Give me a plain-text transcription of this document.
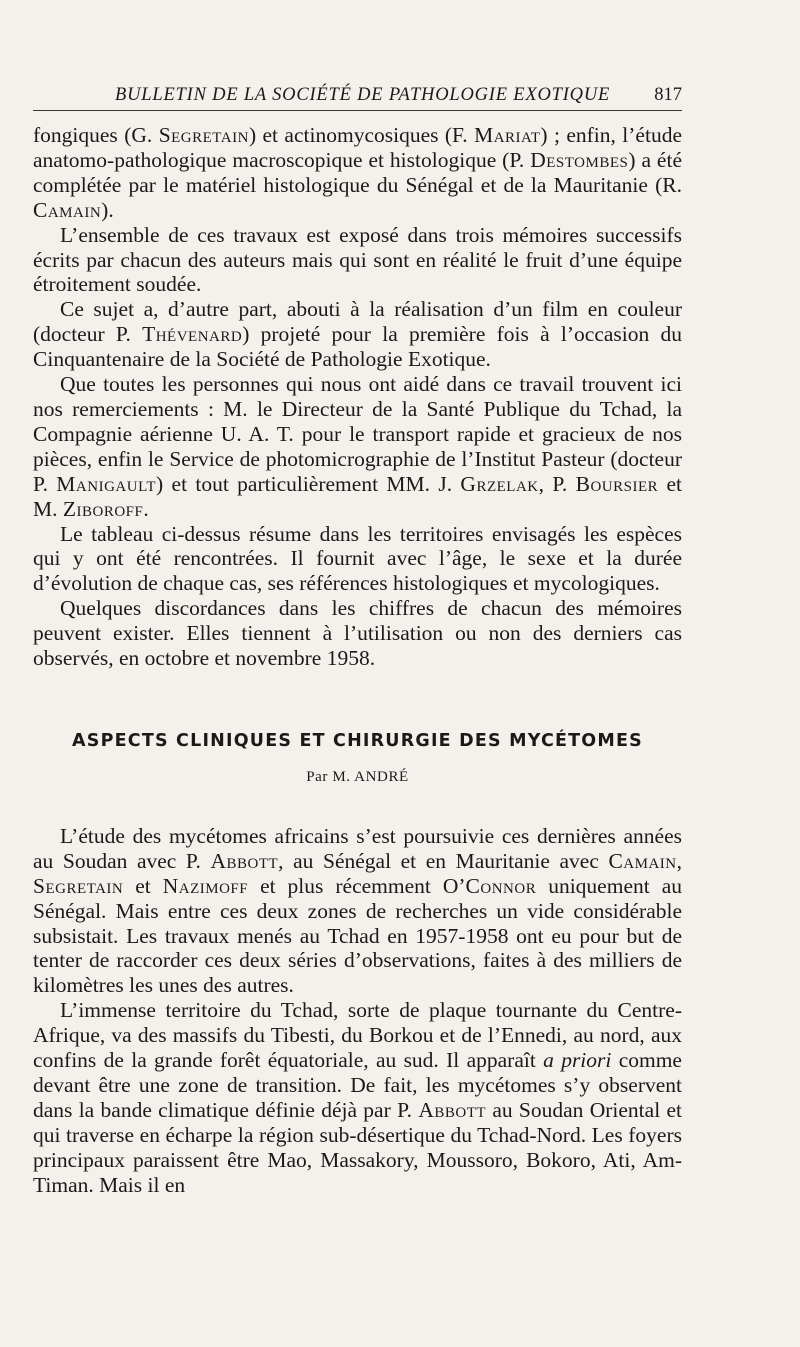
BULLETIN DE LA SOCIÉTÉ DE PATHOLOGIE EXOTIQUE 817

fongiques (G. Segretain) et actinomycosiques (F. Mariat) ; enfin, l’étude anatomo-pathologique macroscopique et histologique (P. Destombes) a été complétée par le matériel histologique du Sénégal et de la Mauritanie (R. Camain).

L’ensemble de ces travaux est exposé dans trois mémoires successifs écrits par chacun des auteurs mais qui sont en réalité le fruit d’une équipe étroitement soudée.

Ce sujet a, d’autre part, abouti à la réalisation d’un film en couleur (docteur P. Thévenard) projeté pour la première fois à l’occasion du Cinquantenaire de la Société de Pathologie Exotique.

Que toutes les personnes qui nous ont aidé dans ce travail trouvent ici nos remerciements : M. le Directeur de la Santé Publique du Tchad, la Compagnie aérienne U. A. T. pour le transport rapide et gracieux de nos pièces, enfin le Service de photomicrographie de l’Institut Pasteur (docteur P. Manigault) et tout particulièrement MM. J. Grzelak, P. Boursier et M. Ziboroff.

Le tableau ci-dessus résume dans les territoires envisagés les espèces qui y ont été rencontrées. Il fournit avec l’âge, le sexe et la durée d’évolution de chaque cas, ses références histologiques et mycologiques.

Quelques discordances dans les chiffres de chacun des mémoires peuvent exister. Elles tiennent à l’utilisation ou non des derniers cas observés, en octobre et novembre 1958.

ASPECTS CLINIQUES ET CHIRURGIE DES MYCÉTOMES
Par M. ANDRÉ

L’étude des mycétomes africains s’est poursuivie ces dernières années au Soudan avec P. Abbott, au Sénégal et en Mauritanie avec Camain, Segretain et Nazimoff et plus récemment O’Connor uniquement au Sénégal. Mais entre ces deux zones de recherches un vide considérable subsistait. Les travaux menés au Tchad en 1957-1958 ont eu pour but de tenter de raccorder ces deux séries d’observations, faites à des milliers de kilomètres les unes des autres.

L’immense territoire du Tchad, sorte de plaque tournante du Centre-Afrique, va des massifs du Tibesti, du Borkou et de l’Ennedi, au nord, aux confins de la grande forêt équatoriale, au sud. Il apparaît a priori comme devant être une zone de transition. De fait, les mycétomes s’y observent dans la bande climatique définie déjà par P. Abbott au Soudan Oriental et qui traverse en écharpe la région sub-désertique du Tchad-Nord. Les foyers principaux paraissent être Mao, Massakory, Moussoro, Bokoro, Ati, Am-Timan. Mais il en
